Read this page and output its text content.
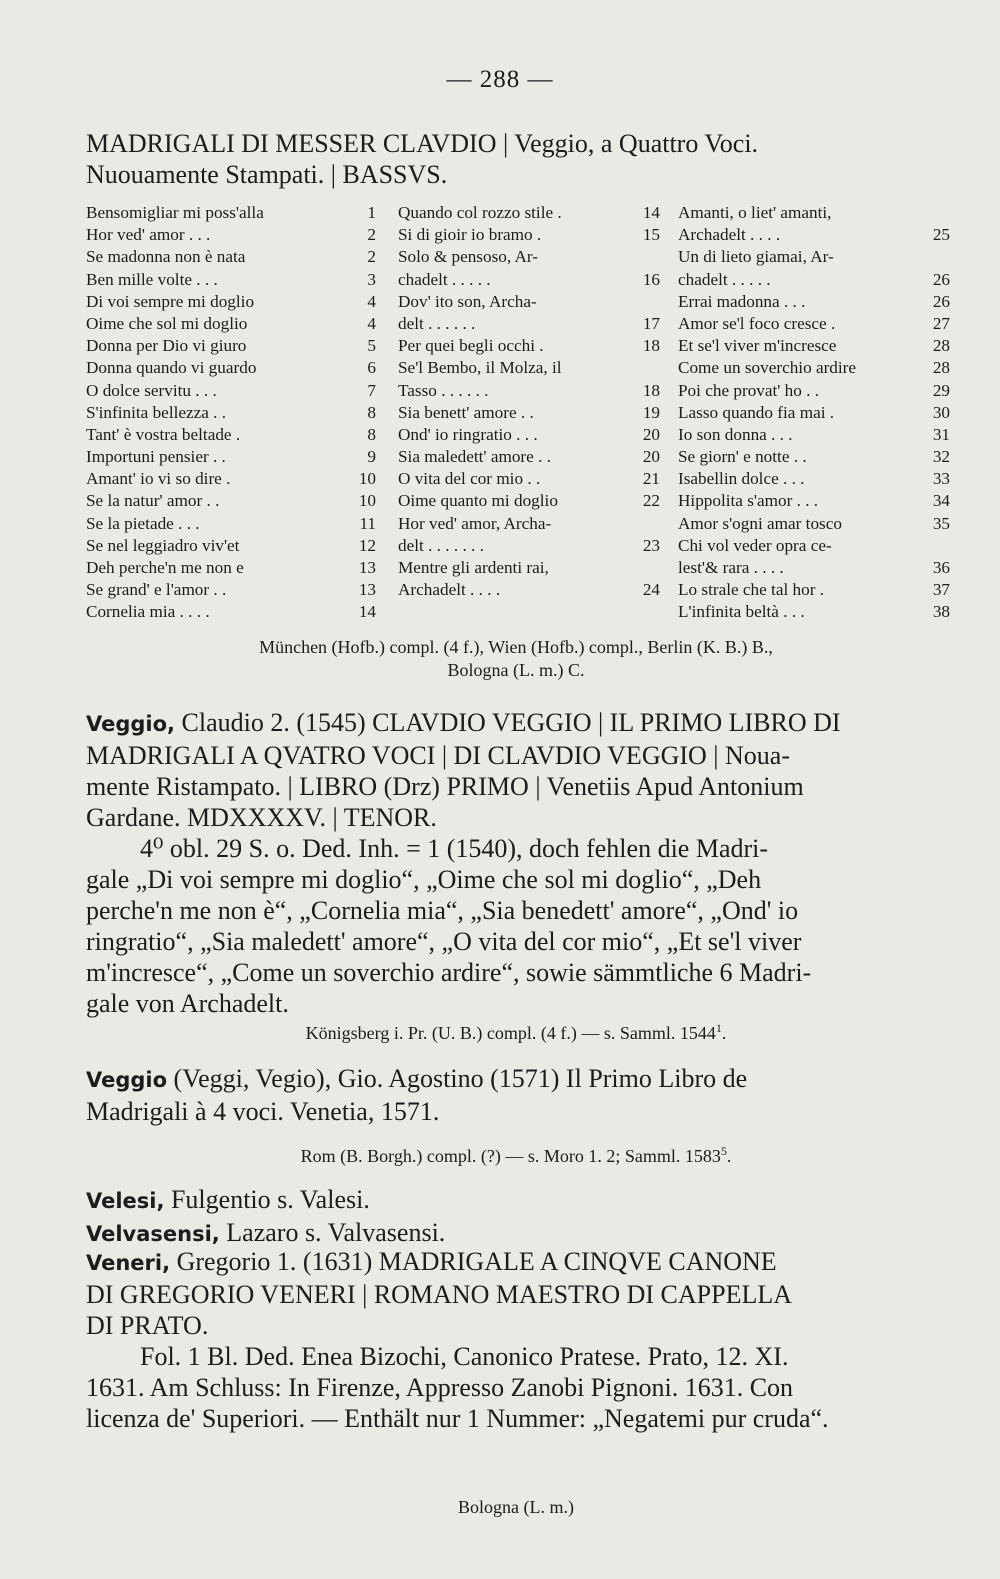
— 288 —

MADRIGALI DI MESSER CLAVDIO | Veggio, a Quattro Voci.

Nuouamente Stampati. | BASSVS.

Bensomigliar mi poss'alla	1
Hor ved' amor . . .	2
Se madonna non è nata	2
Ben mille volte . . .	3
Di voi sempre mi doglio	4
Oime che sol mi doglio	4
Donna per Dio vi giuro	5
Donna quando vi guardo	6
O dolce servitu . . .	7
S'infinita bellezza . .	8
Tant' è vostra beltade .	8
Importuni pensier . .	9
Amant' io vi so dire .	10
Se la natur' amor . .	10
Se la pietade . . .	11
Se nel leggiadro viv'et	12
Deh perche'n me non e	13
Se grand' e l'amor . .	13
Cornelia mia . . . .	14
Quando col rozzo stile .	14
Si di gioir io bramo .	15
Solo & pensoso, Ar-
chadelt . . . . .	16
Dov' ito son, Archa-
delt . . . . . .	17
Per quei begli occhi .	18
Se'l Bembo, il Molza, il
Tasso . . . . . .	18
Sia benett' amore . .	19
Ond' io ringratio . . .	20
Sia maledett' amore . .	20
O vita del cor mio . .	21
Oime quanto mi doglio	22
Hor ved' amor, Archa-
delt . . . . . . .	23
Mentre gli ardenti rai,
Archadelt . . . .	24
Amanti, o liet' amanti,
Archadelt . . . .	25
Un di lieto giamai, Ar-
chadelt . . . . .	26
Errai madonna . . .	26
Amor se'l foco cresce .	27
Et se'l viver m'increscе	28
Come un soverchio ardire	28
Poi che provat' ho . .	29
Lasso quando fia mai .	30
Io son donna . . .	31
Se giorn' e notte . .	32
Isabellin dolce . . .	33
Hippolita s'amor . . .	34
Amor s'ogni amar tosco	35
Chi vol veder opra ce-
lest'& rara . . . .	36
Lo strale che tal hor .	37
L'infinita beltà . . .	38
München (Hofb.) compl. (4 f.), Wien (Hofb.) compl., Berlin (K. B.) B.,
Bologna (L. m.) C.

Veggio, Claudio 2. (1545) CLAVDIO VEGGIO | IL PRIMO LIBRO DI

MADRIGALI A QVATRO VOCI | DI CLAVDIO VEGGIO | Noua-

mente Ristampato. | LIBRO (Drz) PRIMO | Venetiis Apud Antonium

Gardane. MDXXXXV. | TENOR.

4⁰ obl. 29 S. o. Ded. Inh. = 1 (1540), doch fehlen die Madri-

gale „Di voi sempre mi doglio“, „Oime che sol mi doglio“, „Deh

perche'n me non è“, „Cornelia mia“, „Sia benedett' amore“, „Ond' io

ringratio“, „Sia maledett' amore“, „O vita del cor mio“, „Et se'l viver

m'increscе“, „Come un soverchio ardire“, sowie sämmtliche 6 Madri-

gale von Archadelt.

Königsberg i. Pr. (U. B.) compl. (4 f.) — s. Samml. 1544$^1$.

Veggio (Veggi, Vegio), Gio. Agostino (1571) Il Primo Libro de

Madrigali à 4 voci. Venetia, 1571.

Rom (B. Borgh.) compl. (?) — s. Moro 1. 2; Samml. 1583$^5$.

Velesi, Fulgentio s. Valesi.

Velvasensi, Lazaro s. Valvasensi.

Veneri, Gregorio 1. (1631) MADRIGALE A CINQVE CANONE

DI GREGORIO VENERI | ROMANO MAESTRO DI CAPPELLA

DI PRATO.

Fol. 1 Bl. Ded. Enea Bizochi, Canonico Pratese. Prato, 12. XI.

1631. Am Schluss: In Firenze, Appresso Zanobi Pignoni. 1631. Con

licenza de' Superiori. — Enthält nur 1 Nummer: „Negatemi pur cruda“.

Bologna (L. m.)
